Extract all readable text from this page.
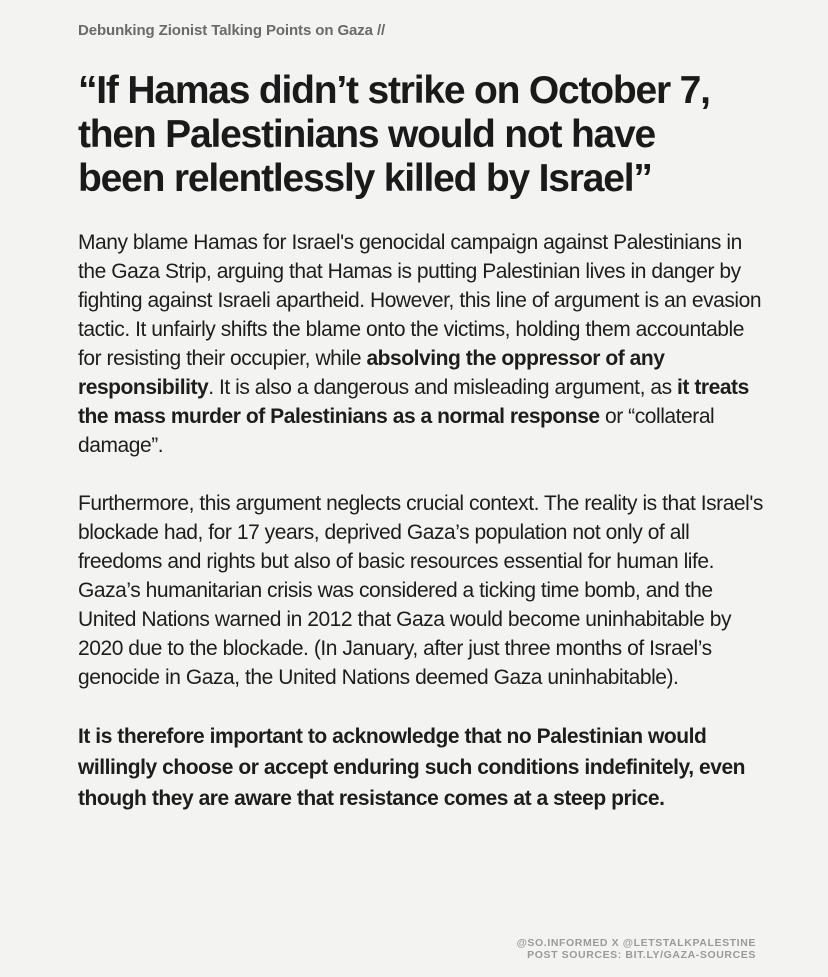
Debunking Zionist Talking Points on Gaza //
“If Hamas didn’t strike on October 7,
then Palestinians would not have
been relentlessly killed by Israel”

Many blame Hamas for Israel's genocidal campaign against Palestinians in the Gaza Strip, arguing that Hamas is putting Palestinian lives in danger by fighting against Israeli apartheid. However, this line of argument is an evasion tactic. It unfairly shifts the blame onto the victims, holding them accountable for resisting their occupier, while absolving the oppressor of any responsibility. It is also a dangerous and misleading argument, as it treats the mass murder of Palestinians as a normal response or “collateral damage”.

Furthermore, this argument neglects crucial context. The reality is that Israel's blockade had, for 17 years, deprived Gaza’s population not only of all freedoms and rights but also of basic resources essential for human life. Gaza’s humanitarian crisis was considered a ticking time bomb, and the United Nations warned in 2012 that Gaza would become uninhabitable by 2020 due to the blockade. (In January, after just three months of Israel’s genocide in Gaza, the United Nations deemed Gaza uninhabitable).

It is therefore important to acknowledge that no Palestinian would willingly choose or accept enduring such conditions indefinitely, even though they are aware that resistance comes at a steep price.

@SO.INFORMED X @LETSTALKPALESTINE
POST SOURCES: BIT.LY/GAZA-SOURCES
